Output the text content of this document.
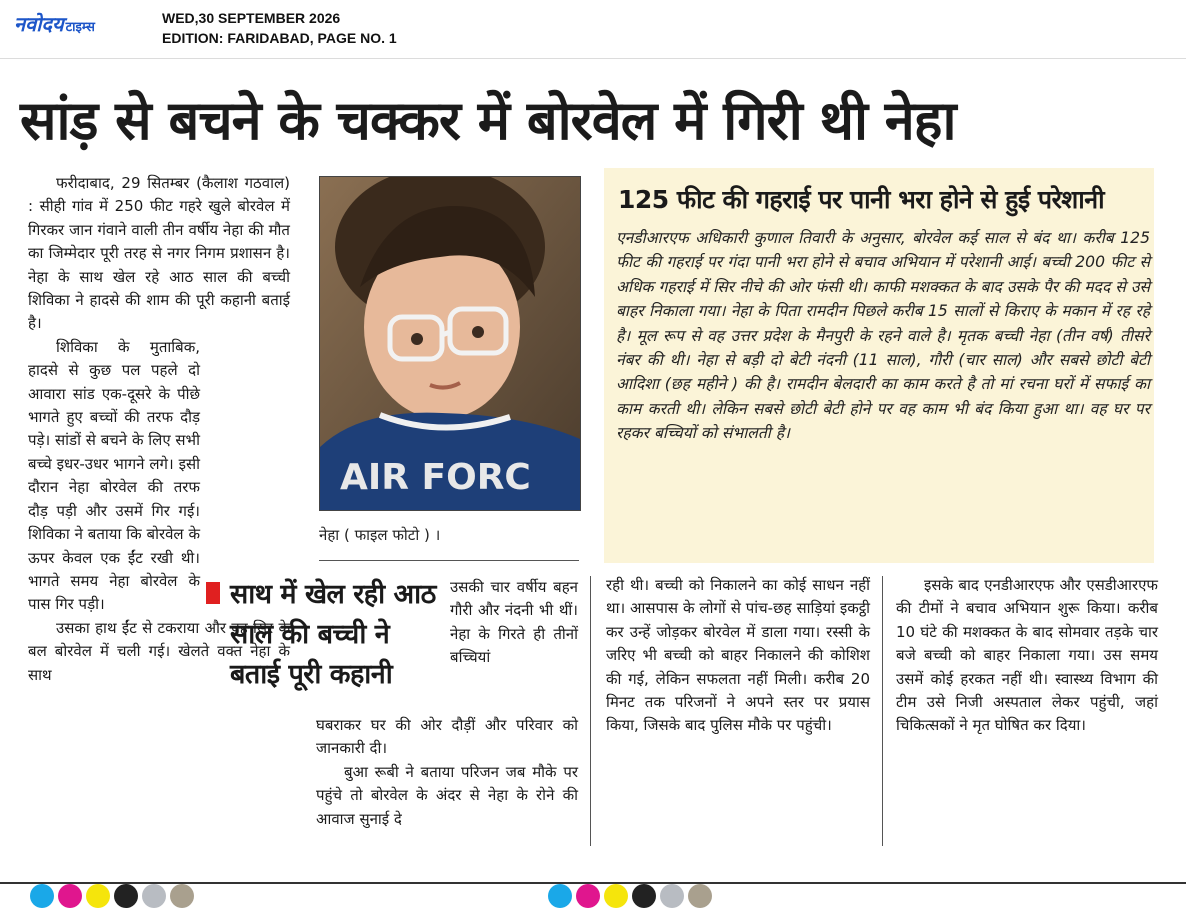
नवोदय टाइम्स
WED,30 SEPTEMBER 2026
EDITION: FARIDABAD, PAGE NO. 1
सांड़ से बचने के चक्कर में बोरवेल में गिरी थी नेहा

फरीदाबाद, 29 सितम्बर (कैलाश गठवाल) : सीही गांव में 250 फीट गहरे खुले बोरवेल में गिरकर जान गंवाने वाली तीन वर्षीय नेहा की मौत का जिम्मेदार पूरी तरह से नगर निगम प्रशासन है। नेहा के साथ खेल रहे आठ साल की बच्ची शिविका ने हादसे की शाम की पूरी कहानी बताई है।

शिविका के मुताबिक, हादसे से कुछ पल पहले दो आवारा सांड एक-दूसरे के पीछे भागते हुए बच्चों की तरफ दौड़ पड़े। सांडों से बचने के लिए सभी बच्चे इधर-उधर भागने लगे। इसी दौरान नेहा बोरवेल की तरफ दौड़ पड़ी और उसमें गिर गई। शिविका ने बताया कि बोरवेल के ऊपर केवल एक ईंट रखी थी। भागते समय नेहा बोरवेल के पास गिर पड़ी।

उसका हाथ ईंट से टकराया और वह सिर के बल बोरवेल में चली गई। खेलते वक्त नेहा के साथ

AIR FORC
नेहा ( फाइल फोटो ) ।
साथ में खेल रही आठ साल की बच्ची ने बताई पूरी कहानी

उसकी चार वर्षीय बहन गौरी और नंदनी भी थीं। नेहा के गिरते ही तीनों बच्चियां

घबराकर घर की ओर दौड़ीं और परिवार को जानकारी दी।

बुआ रूबी ने बताया परिजन जब मौके पर पहुंचे तो बोरवेल के अंदर से नेहा के रोने की आवाज सुनाई दे

125 फीट की गहराई पर पानी भरा होने से हुई परेशानी
एनडीआरएफ अधिकारी कुणाल तिवारी के अनुसार, बोरवेल कई साल से बंद था। करीब 125 फीट की गहराई पर गंदा पानी भरा होने से बचाव अभियान में परेशानी आई। बच्ची 200 फीट से अधिक गहराई में सिर नीचे की ओर फंसी थी। काफी मशक्कत के बाद उसके पैर की मदद से उसे बाहर निकाला गया। नेहा के पिता रामदीन पिछले करीब 15 सालों से किराए के मकान में रह रहे है। मूल रूप से वह उत्तर प्रदेश के मैनपुरी के रहने वाले है। मृतक बच्ची नेहा (तीन वर्ष) तीसरे नंबर की थी। नेहा से बड़ी दो बेटी नंदनी (11 साल), गौरी (चार साल) और सबसे छोटी बेटी आदिशा (छह महीने ) की है। रामदीन बेलदारी का काम करते है तो मां रचना घरों में सफाई का काम करती थी। लेकिन सबसे छोटी बेटी होने पर वह काम भी बंद किया हुआ था। वह घर पर रहकर बच्चियों को संभालती है।

रही थी। बच्ची को निकालने का कोई साधन नहीं था। आसपास के लोगों से पांच-छह साड़ियां इकट्ठी कर उन्हें जोड़कर बोरवेल में डाला गया। रस्सी के जरिए भी बच्ची को बाहर निकालने की कोशिश की गई, लेकिन सफलता नहीं मिली। करीब 20 मिनट तक परिजनों ने अपने स्तर पर प्रयास किया, जिसके बाद पुलिस मौके पर पहुंची।

इसके बाद एनडीआरएफ और एसडीआरएफ की टीमों ने बचाव अभियान शुरू किया। करीब 10 घंटे की मशक्कत के बाद सोमवार तड़के चार बजे बच्ची को बाहर निकाला गया। उस समय उसमें कोई हरकत नहीं थी। स्वास्थ्य विभाग की टीम उसे निजी अस्पताल लेकर पहुंची, जहां चिकित्सकों ने मृत घोषित कर दिया।
